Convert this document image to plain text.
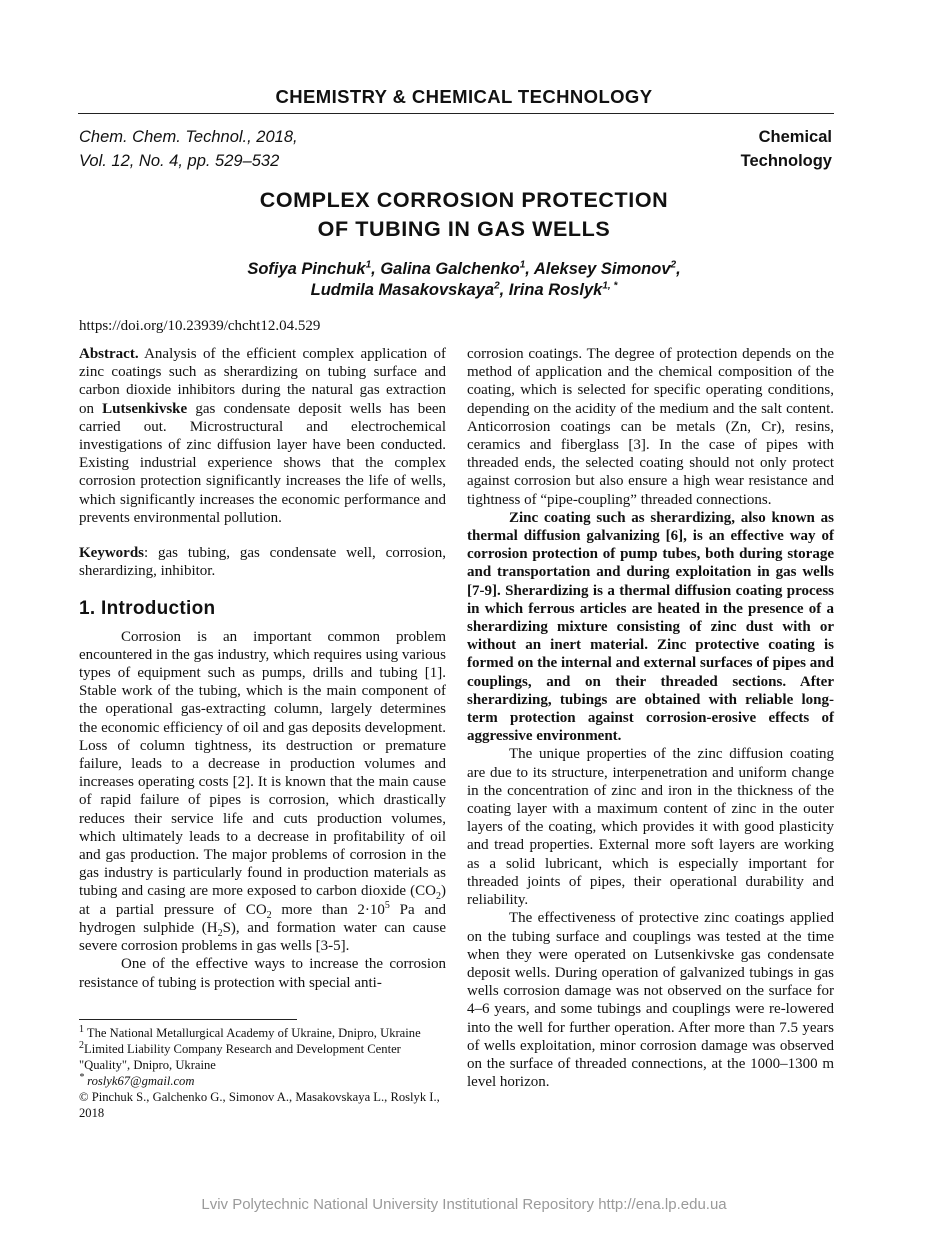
CHEMISTRY & CHEMICAL TECHNOLOGY
Chem. Chem. Technol., 2018,
Vol. 12, No. 4, pp. 529–532
Chemical
Technology
COMPLEX CORROSION PROTECTION
OF TUBING IN GAS WELLS
Sofiya Pinchuk$^1$, Galina Galchenko$^1$, Aleksey Simonov$^2$,
Ludmila Masakovskaya$^2$, Irina Roslyk$^{1, *}$
https://doi.org/10.23939/chcht12.04.529

Abstract. Analysis of the efficient complex application of zinc coatings such as sherardizing on tubing surface and carbon dioxide inhibitors during the natural gas extraction on Lutsenkivske gas condensate deposit wells has been carried out. Microstructural and electrochemical investigations of zinc diffusion layer have been conducted. Existing industrial experience shows that the complex corrosion protection significantly increases the life of wells, which significantly increases the economic performance and prevents environmental pollution.

Keywords: gas tubing, gas condensate well, corrosion, sherardizing, inhibitor.

1. Introduction

Corrosion is an important common problem encountered in the gas industry, which requires using various types of equipment such as pumps, drills and tubing [1]. Stable work of the tubing, which is the main component of the operational gas-extracting column, largely determines the economic efficiency of oil and gas deposits development. Loss of column tightness, its destruction or premature failure, leads to a decrease in production volumes and increases operating costs [2]. It is known that the main cause of rapid failure of pipes is corrosion, which drastically reduces their service life and cuts production volumes, which ultimately leads to a decrease in profitability of oil and gas production. The major problems of corrosion in the gas industry is particularly found in production materials as tubing and casing are more exposed to carbon dioxide $(CO_2)$ at a partial pressure of $CO_2$ more than $2\cdot 10^5$ Pa and hydrogen sulphide $(H_2S)$, and formation water can cause severe corrosion problems in gas wells [3-5].

One of the effective ways to increase the corrosion resistance of tubing is protection with special anti-

corrosion coatings. The degree of protection depends on the method of application and the chemical composition of the coating, which is selected for specific operating conditions, depending on the acidity of the medium and the salt content. Anticorrosion coatings can be metals (Zn, Cr), resins, ceramics and fiberglass [3]. In the case of pipes with threaded ends, the selected coating should not only protect against corrosion but also ensure a high wear resistance and tightness of “pipe-coupling” threaded connections.

Zinc coating such as sherardizing, also known as thermal diffusion galvanizing [6], is an effective way of corrosion protection of pump tubes, both during storage and transportation and during exploitation in gas wells [7-9]. Sherardizing is a thermal diffusion coating process in which ferrous articles are heated in the presence of a sherardizing mixture consisting of zinc dust with or without an inert material. Zinc protective coating is formed on the internal and external surfaces of pipes and couplings, and on their threaded sections. After sherardizing, tubings are obtained with reliable long-term protection against corrosion-erosive effects of aggressive environment.

The unique properties of the zinc diffusion coating are due to its structure, interpenetration and uniform change in the concentration of zinc and iron in the thickness of the coating layer with a maximum content of zinc in the outer layers of the coating, which provides it with good plasticity and tread properties. External more soft layers are working as a solid lubricant, which is especially important for threaded joints of pipes, their operational durability and reliability.

The effectiveness of protective zinc coatings applied on the tubing surface and couplings was tested at the time when they were operated on Lutsenkivske gas condensate deposit wells. During operation of galvanized tubings in gas wells corrosion damage was not observed on the surface for 4–6 years, and some tubings and couplings were re-lowered into the well for further operation. After more than 7.5 years of wells exploitation, minor corrosion damage was observed on the surface of threaded connections, at the 1000–1300 m level horizon.

$^1$ The National Metallurgical Academy of Ukraine, Dnipro, Ukraine
$^2$Limited Liability Company Research and Development Center
"Quality", Dnipro, Ukraine
* roslyk67@gmail.com
© Pinchuk S., Galchenko G., Simonov A., Masakovskaya L., Roslyk I., 2018
Lviv Polytechnic National University Institutional Repository http://ena.lp.edu.ua
